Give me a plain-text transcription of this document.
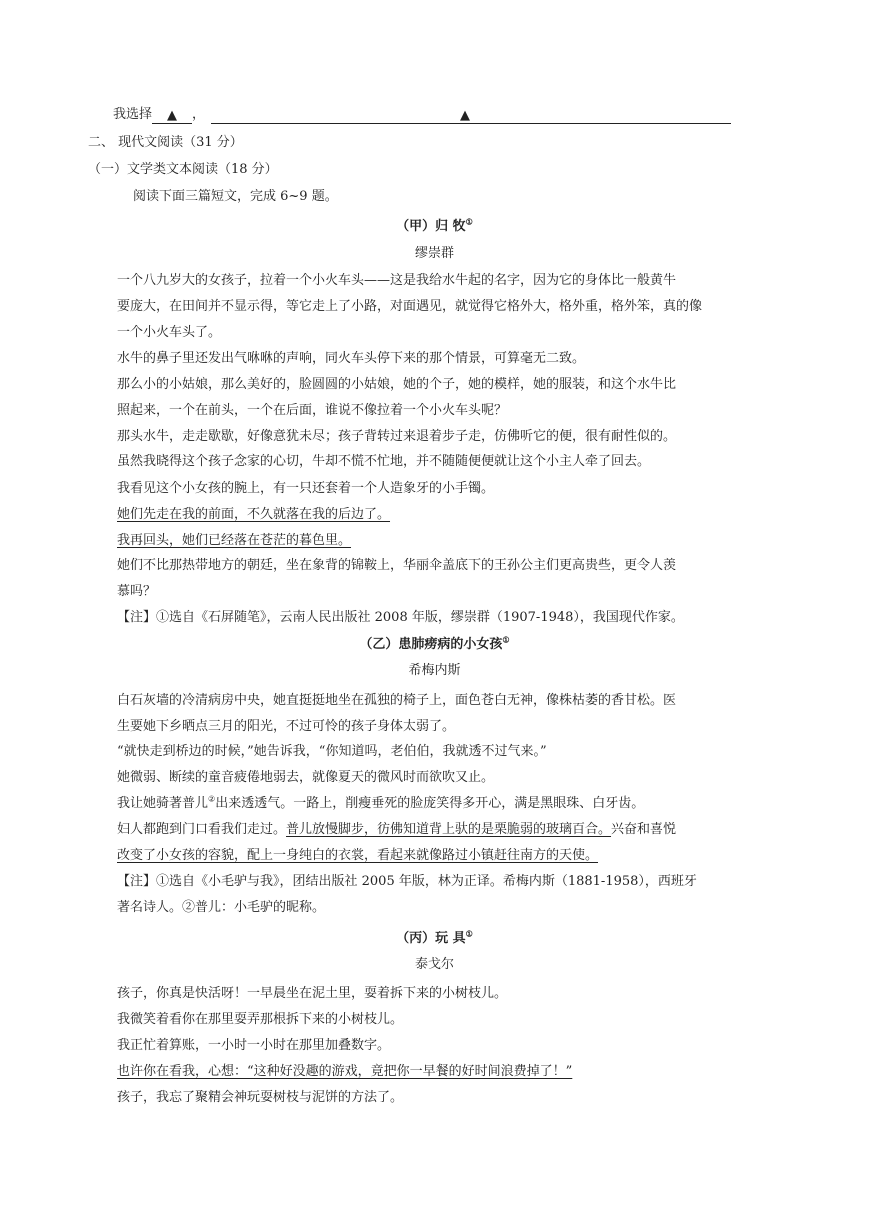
我选择 ▲ ，	▲
二、 现代文阅读（31 分）
（一）文学类文本阅读（18 分）
阅读下面三篇短文，完成 6~9 题。
（甲）归 牧①
缪崇群
一个八九岁大的女孩子，拉着一个小火车头——这是我给水牛起的名字，因为它的身体比一般黄牛
要庞大，在田间并不显示得，等它走上了小路，对面遇见，就觉得它格外大，格外重，格外笨，真的像
一个小火车头了。
水牛的鼻子里还发出气咻咻的声响，同火车头停下来的那个情景，可算毫无二致。
那么小的小姑娘，那么美好的，脸圆圆的小姑娘，她的个子，她的模样，她的服装，和这个水牛比
照起来，一个在前头，一个在后面，谁说不像拉着一个小火车头呢？
那头水牛，走走歇歇，好像意犹未尽；孩子背转过来退着步子走，仿佛听它的便，很有耐性似的。
虽然我晓得这个孩子念家的心切，牛却不慌不忙地，并不随随便便就让这个小主人牵了回去。
我看见这个小女孩的腕上，有一只还套着一个人造象牙的小手镯。
她们先走在我的前面，不久就落在我的后边了。
我再回头，她们已经落在苍茫的暮色里。
她们不比那热带地方的朝廷，坐在象背的锦鞍上，华丽伞盖底下的王孙公主们更高贵些，更令人羡
慕吗？
【注】①选自《石屏随笔》，云南人民出版社 2008 年版，缪崇群（1907-1948），我国现代作家。
（乙）患肺痨病的小女孩①
希梅内斯
白石灰墙的冷清病房中央，她直挺挺地坐在孤独的椅子上，面色苍白无神，像株枯萎的香甘松。医
生要她下乡晒点三月的阳光，不过可怜的孩子身体太弱了。
“就快走到桥边的时候，”她告诉我，“你知道吗，老伯伯，我就透不过气来。”
她微弱、断续的童音疲倦地弱去，就像夏天的微风时而欲吹又止。
我让她骑著普儿②出来透透气。一路上，削瘦垂死的脸庞笑得多开心，满是黑眼珠、白牙齿。
妇人都跑到门口看我们走过。普儿放慢脚步，彷佛知道背上驮的是栗脆弱的玻璃百合。兴奋和喜悦
改变了小女孩的容貌，配上一身纯白的衣裳，看起来就像路过小镇赶往南方的天使。
【注】①选自《小毛驴与我》，团结出版社 2005 年版，林为正译。希梅内斯（1881-1958），西班牙
著名诗人。②普儿：小毛驴的昵称。
（丙）玩 具①
泰戈尔
孩子，你真是快活呀！一早晨坐在泥土里，耍着拆下来的小树枝儿。
我微笑着看你在那里耍弄那根拆下来的小树枝儿。
我正忙着算账，一小时一小时在那里加叠数字。
也许你在看我，心想：“这种好没趣的游戏，竟把你一早餐的好时间浪费掉了！”
孩子，我忘了聚精会神玩耍树枝与泥饼的方法了。
